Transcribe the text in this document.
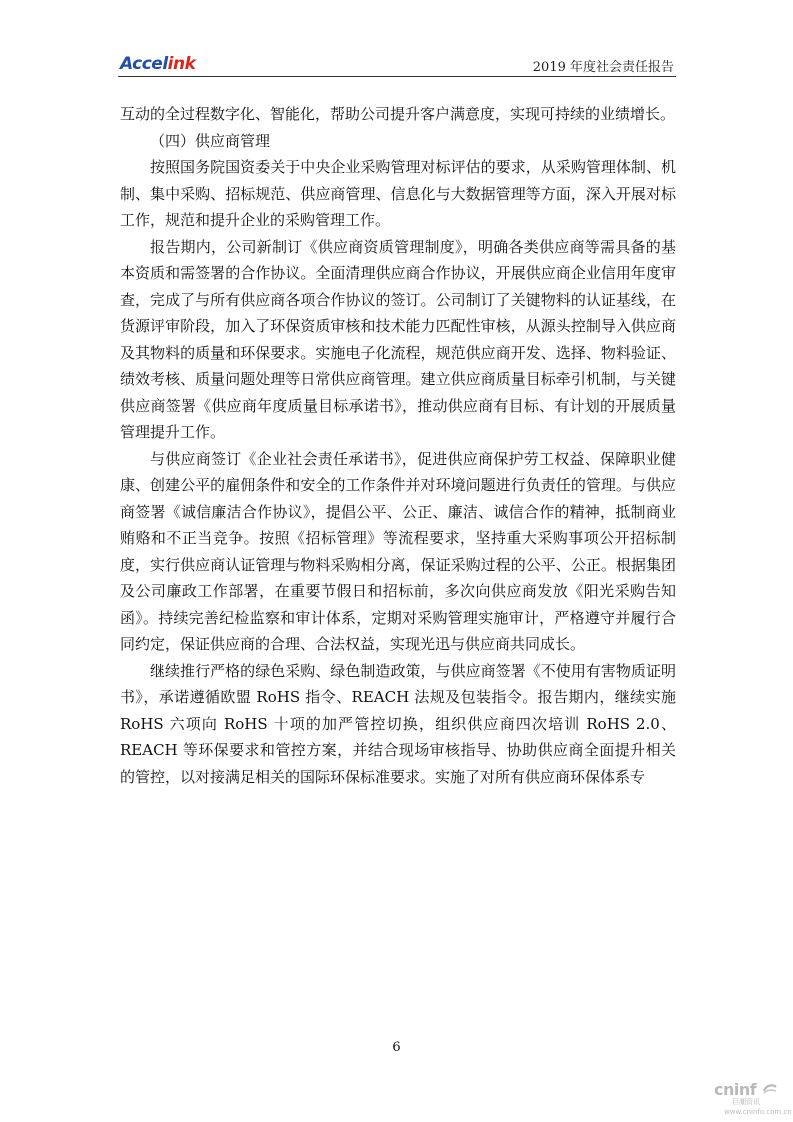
Accelink	2019 年度社会责任报告

互动的全过程数字化、智能化，帮助公司提升客户满意度，实现可持续的业绩增长。

（四）供应商管理

按照国务院国资委关于中央企业采购管理对标评估的要求，从采购管理体制、机制、集中采购、招标规范、供应商管理、信息化与大数据管理等方面，深入开展对标工作，规范和提升企业的采购管理工作。

报告期内，公司新制订《供应商资质管理制度》，明确各类供应商等需具备的基本资质和需签署的合作协议。全面清理供应商合作协议，开展供应商企业信用年度审查，完成了与所有供应商各项合作协议的签订。公司制订了关键物料的认证基线，在货源评审阶段，加入了环保资质审核和技术能力匹配性审核，从源头控制导入供应商及其物料的质量和环保要求。实施电子化流程，规范供应商开发、选择、物料验证、绩效考核、质量问题处理等日常供应商管理。建立供应商质量目标牵引机制，与关键供应商签署《供应商年度质量目标承诺书》，推动供应商有目标、有计划的开展质量管理提升工作。

与供应商签订《企业社会责任承诺书》，促进供应商保护劳工权益、保障职业健康、创建公平的雇佣条件和安全的工作条件并对环境问题进行负责任的管理。与供应商签署《诚信廉洁合作协议》，提倡公平、公正、廉洁、诚信合作的精神，抵制商业贿赂和不正当竞争。按照《招标管理》等流程要求，坚持重大采购事项公开招标制度，实行供应商认证管理与物料采购相分离，保证采购过程的公平、公正。根据集团及公司廉政工作部署，在重要节假日和招标前，多次向供应商发放《阳光采购告知函》。持续完善纪检监察和审计体系，定期对采购管理实施审计，严格遵守并履行合同约定，保证供应商的合理、合法权益，实现光迅与供应商共同成长。

继续推行严格的绿色采购、绿色制造政策，与供应商签署《不使用有害物质证明书》，承诺遵循欧盟 RoHS 指令、REACH 法规及包装指令。报告期内，继续实施 RoHS 六项向 RoHS 十项的加严管控切换，组织供应商四次培训 RoHS 2.0、REACH 等环保要求和管控方案，并结合现场审核指导、协助供应商全面提升相关的管控，以对接满足相关的国际环保标准要求。实施了对所有供应商环保体系专

6
cninf
巨潮资讯
www.cninfo.com.cn
